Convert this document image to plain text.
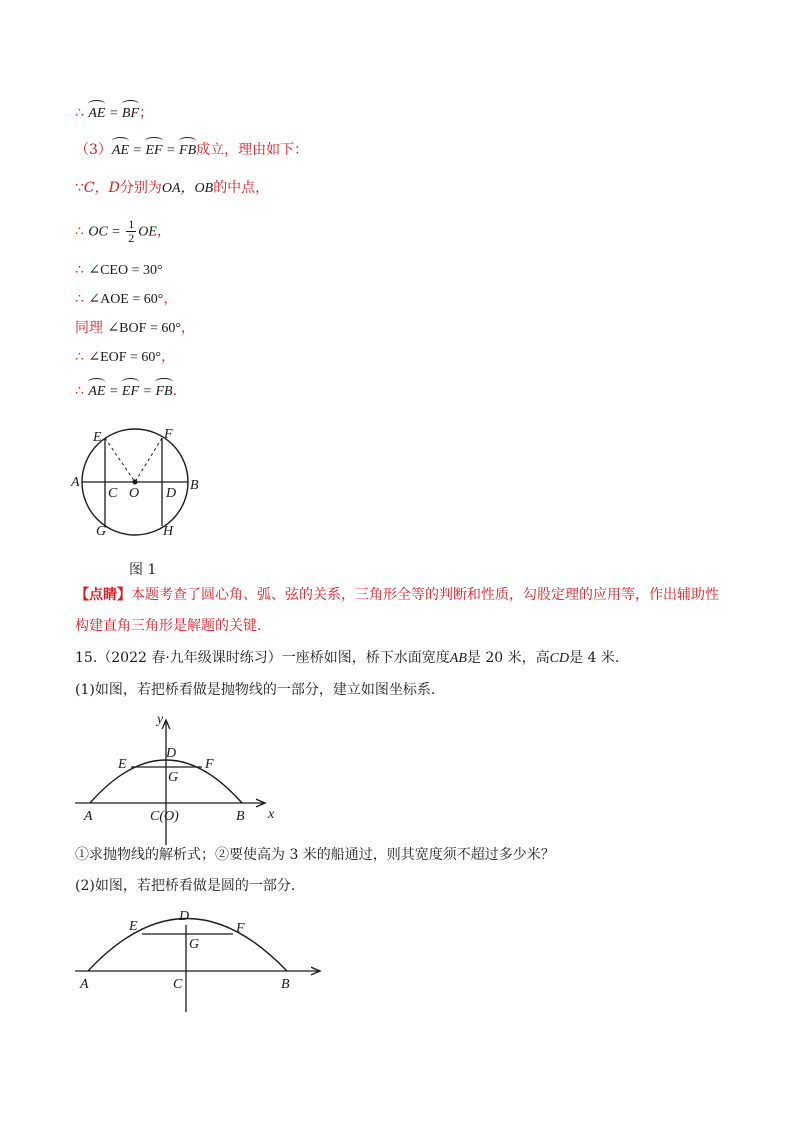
∴ AE = BF；
（3）AE = EF = FB成立，理由如下：
∵C，D分别为OA，OB的中点，
∴ OC = $\frac{1}{2}$ OE，
∴ ∠CEO = 30°
∴ ∠AOE = 60°，
同理 ∠BOF = 60°，
∴ ∠EOF = 60°，
∴ AE = EF = FB.
E	F
A	B
C O D
G	H
图 1
【点睛】本题考查了圆心角、弧、弦的关系，三角形全等的判断和性质，勾股定理的应用等，作出辅助性
构建直角三角形是解题的关键.
15.（2022 春·九年级课时练习）一座桥如图，桥下水面宽度AB是 20 米，高CD是 4 米.
(1)如图，若把桥看做是抛物线的一部分，建立如图坐标系.
y
x
D
E	F
G
A	C(O)	B
①求抛物线的解析式；②要使高为 3 米的船通过，则其宽度须不超过多少米？
(2)如图，若把桥看做是圆的一部分.
D
E	F
G
A	C	B
